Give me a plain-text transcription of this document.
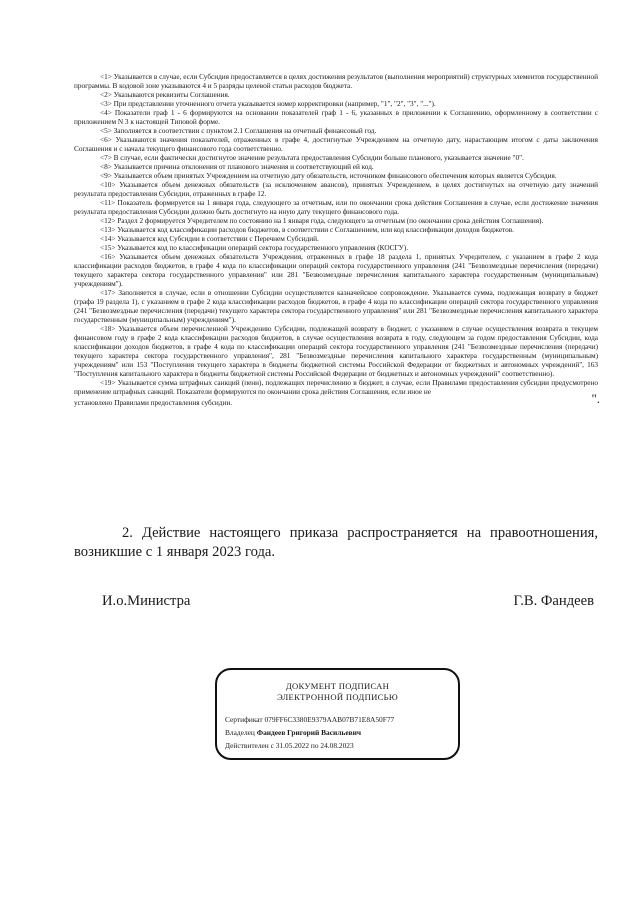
<1> Указывается в случае, если Субсидия предоставляется в целях достижения результатов (выполнения мероприятий) структурных элементов государственной программы. В кодовой зоне указываются 4 и 5 разряды целевой статьи расходов бюджета.

<2> Указываются реквизиты Соглашения.

<3> При представлении уточненного отчета указывается номер корректировки (например, "1", "2", "3", "...").

<4> Показатели граф 1 - 6 формируются на основании показателей граф 1 - 6, указанных в приложении к Соглашению, оформленному в соответствии с приложением N 3 к настоящей Типовой форме.

<5> Заполняется в соответствии с пунктом 2.1 Соглашения на отчетный финансовый год.

<6> Указываются значения показателей, отраженных в графе 4, достигнутые Учреждением на отчетную дату, нарастающим итогом с даты заключения Соглашения и с начала текущего финансового года соответственно.

<7> В случае, если фактически достигнутое значение результата предоставления Субсидии больше планового, указывается значение "0".

<8> Указывается причина отклонения от планового значения и соответствующий ей код.

<9> Указывается объем принятых Учреждением на отчетную дату обязательств, источником финансового обеспечения которых является Субсидия.

<10> Указывается объем денежных обязательств (за исключением авансов), принятых Учреждением, в целях достигнутых на отчетную дату значений результата предоставления Субсидии, отраженных в графе 12.

<11> Показатель формируется на 1 января года, следующего за отчетным, или по окончании срока действия Соглашения в случае, если достижение значения результата предоставления Субсидии должно быть достигнуто на иную дату текущего финансового года.

<12> Раздел 2 формируется Учредителем по состоянию на 1 января года, следующего за отчетным (по окончании срока действия Соглашения).

<13> Указывается код классификации расходов бюджетов, в соответствии с Соглашением, или код классификации доходов бюджетов.

<14> Указывается код Субсидии в соответствии с Перечнем Субсидий.

<15> Указывается код по классификации операций сектора государственного управления (КОСГУ).

<16> Указывается объем денежных обязательств Учреждения, отраженных в графе 18 раздела 1, принятых Учредителем, с указанием в графе 2 кода классификации расходов бюджетов, в графе 4 кода по классификации операций сектора государственного управления (241 "Безвозмездные перечисления (передачи) текущего характера сектора государственного управления" или 281 "Безвозмездные перечисления капитального характера государственным (муниципальным) учреждениям").

<17> Заполняется в случае, если в отношении Субсидии осуществляется казначейское сопровождение. Указывается сумма, подлежащая возврату в бюджет (графа 19 раздела 1), с указанием в графе 2 кода классификации расходов бюджетов, в графе 4 кода по классификации операций сектора государственного управления (241 "Безвозмездные перечисления (передачи) текущего характера сектора государственного управления" или 281 "Безвозмездные перечисления капитального характера государственным (муниципальным) учреждениям").

<18> Указывается объем перечисленной Учреждению Субсидии, подлежащей возврату в бюджет, с указанием в случае осуществления возврата в текущем финансовом году в графе 2 кода классификации расходов бюджетов, в случае осуществления возврата в году, следующем за годом предоставления Субсидии, кода классификации доходов бюджетов, в графе 4 кода по классификации операций сектора государственного управления (241 "Безвозмездные перечисления (передачи) текущего характера сектора государственного управления", 281 "Безвозмездные перечисления капитального характера государственным (муниципальным) учреждениям" или 153 "Поступления текущего характера в бюджеты бюджетной системы Российской Федерации от бюджетных и автономных учреждений", 163 "Поступления капитального характера в бюджеты бюджетной системы Российской Федерации от бюджетных и автономных учреждений" соответственно).

<19> Указывается сумма штрафных санкций (пени), подлежащих перечислению в бюджет, в случае, если Правилами предоставления субсидии предусмотрено применение штрафных санкций. Показатели формируются по окончании срока действия Соглашения, если иное не

установлено Правилами предоставления субсидии.	".

2. Действие настоящего приказа распространяется на правоотношения, возникшие с 1 января 2023 года.

И.о.Министра	Г.В. Фандеев
ДОКУМЕНТ ПОДПИСАН
ЭЛЕКТРОННОЙ ПОДПИСЬЮ
Сертификат 079FF6C3380E9379AAB07B71E8A50F77
Владелец Фандеев Григорий Васильевич
Действителен с 31.05.2022 по 24.08.2023
